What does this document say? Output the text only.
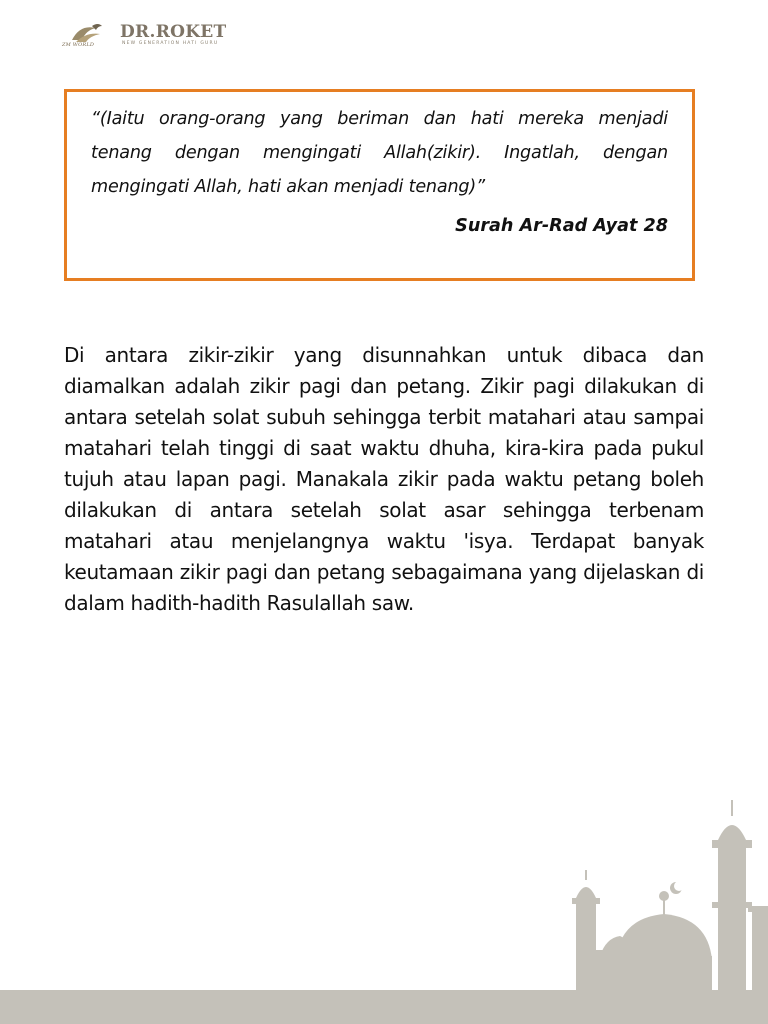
ZM WORLD
DR.ROKET
NEW GENERATION HATI GURU

“(Iaitu orang-orang yang beriman dan hati mereka menjadi tenang dengan mengingati Allah(zikir). Ingatlah, dengan mengingati Allah, hati akan menjadi tenang)”

Surah Ar-Rad Ayat 28

Di antara zikir-zikir yang disunnahkan untuk dibaca dan diamalkan adalah zikir pagi dan petang. Zikir pagi dilakukan di antara setelah solat subuh sehingga terbit matahari atau sampai matahari telah tinggi di saat waktu dhuha, kira-kira pada pukul tujuh atau lapan pagi. Manakala zikir pada waktu petang boleh dilakukan di antara setelah solat asar sehingga terbenam matahari atau menjelangnya waktu 'isya. Terdapat banyak keutamaan zikir pagi dan petang sebagaimana yang dijelaskan di dalam hadith-hadith Rasulallah saw.
